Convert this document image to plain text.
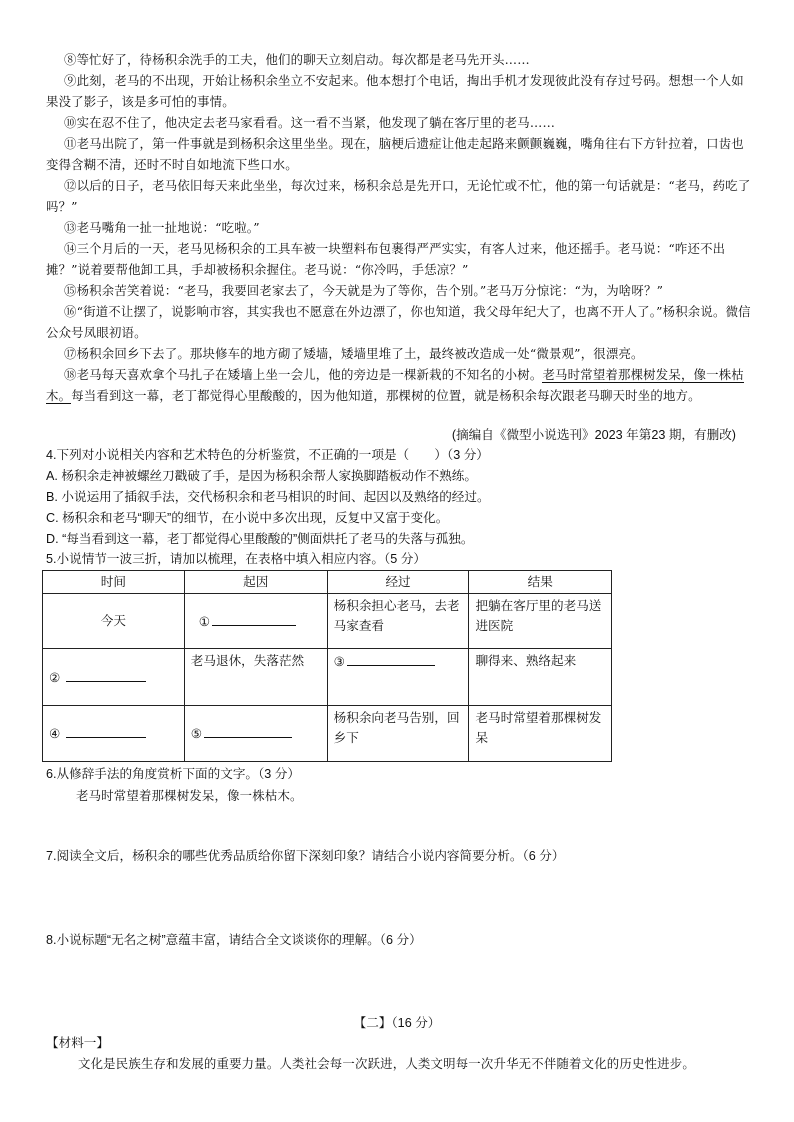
⑧等忙好了，待杨积余洗手的工夫，他们的聊天立刻启动。每次都是老马先开头……

⑨此刻，老马的不出现，开始让杨积余坐立不安起来。他本想打个电话，掏出手机才发现彼此没有存过号码。想想一个人如果没了影子，该是多可怕的事情。

⑩实在忍不住了，他决定去老马家看看。这一看不当紧，他发现了躺在客厅里的老马……

⑪老马出院了，第一件事就是到杨积余这里坐坐。现在，脑梗后遗症让他走起路来颤颤巍巍，嘴角往右下方针拉着，口齿也变得含糊不清，还时不时自如地流下些口水。

⑫以后的日子，老马依旧每天来此坐坐，每次过来，杨积余总是先开口，无论忙或不忙，他的第一句话就是：“老马，药吃了吗？”

⑬老马嘴角一扯一扯地说：“吃啦。”

⑭三个月后的一天，老马见杨积余的工具车被一块塑料布包裹得严严实实，有客人过来，他还摇手。老马说：“咋还不出摊？”说着要帮他卸工具，手却被杨积余握住。老马说：“你冷吗，手恁凉？”

⑮杨积余苦笑着说：“老马，我要回老家去了，今天就是为了等你，告个别。”老马万分惊诧：“为，为啥呀？”

⑯“街道不让摆了，说影响市容，其实我也不愿意在外边漂了，你也知道，我父母年纪大了，也离不开人了。”杨积余说。微信公众号凤眼初语。

⑰杨积余回乡下去了。那块修车的地方砌了矮墙，矮墙里堆了土，最终被改造成一处“微景观”，很漂亮。

⑱老马每天喜欢拿个马扎子在矮墙上坐一会儿，他的旁边是一棵新栽的不知名的小树。老马时常望着那棵树发呆，像一株枯木。每当看到这一幕，老丁都觉得心里酸酸的，因为他知道，那棵树的位置，就是杨积余每次跟老马聊天时坐的地方。

(摘编自《微型小说选刊》2023 年第23 期，有删改)

4.下列对小说相关内容和艺术特色的分析鉴赏，不正确的一项是（　　）（3 分）

A. 杨积余走神被螺丝刀戳破了手，是因为杨积余帮人家换脚踏板动作不熟练。

B. 小说运用了插叙手法，交代杨积余和老马相识的时间、起因以及熟络的经过。

C. 杨积余和老马“聊天”的细节，在小说中多次出现，反复中又富于变化。

D. “每当看到这一幕，老丁都觉得心里酸酸的”侧面烘托了老马的失落与孤独。

5.小说情节一波三折，请加以梳理，在表格中填入相应内容。（5 分）

时间	起因	经过	结果
今天	①	杨积余担心老马，去老马家查看	把躺在客厅里的老马送进医院
②	老马退休，失落茫然	③	聊得来、熟络起来
④	⑤	杨积余向老马告别，回乡下	老马时常望着那棵树发呆

6.从修辞手法的角度赏析下面的文字。（3 分）

老马时常望着那棵树发呆，像一株枯木。

7.阅读全文后，杨积余的哪些优秀品质给你留下深刻印象？请结合小说内容简要分析。（6 分）

8.小说标题“无名之树”意蕴丰富，请结合全文谈谈你的理解。（6 分）

【二】（16 分）
【材料一】

文化是民族生存和发展的重要力量。人类社会每一次跃进，人类文明每一次升华无不伴随着文化的历史性进步。
